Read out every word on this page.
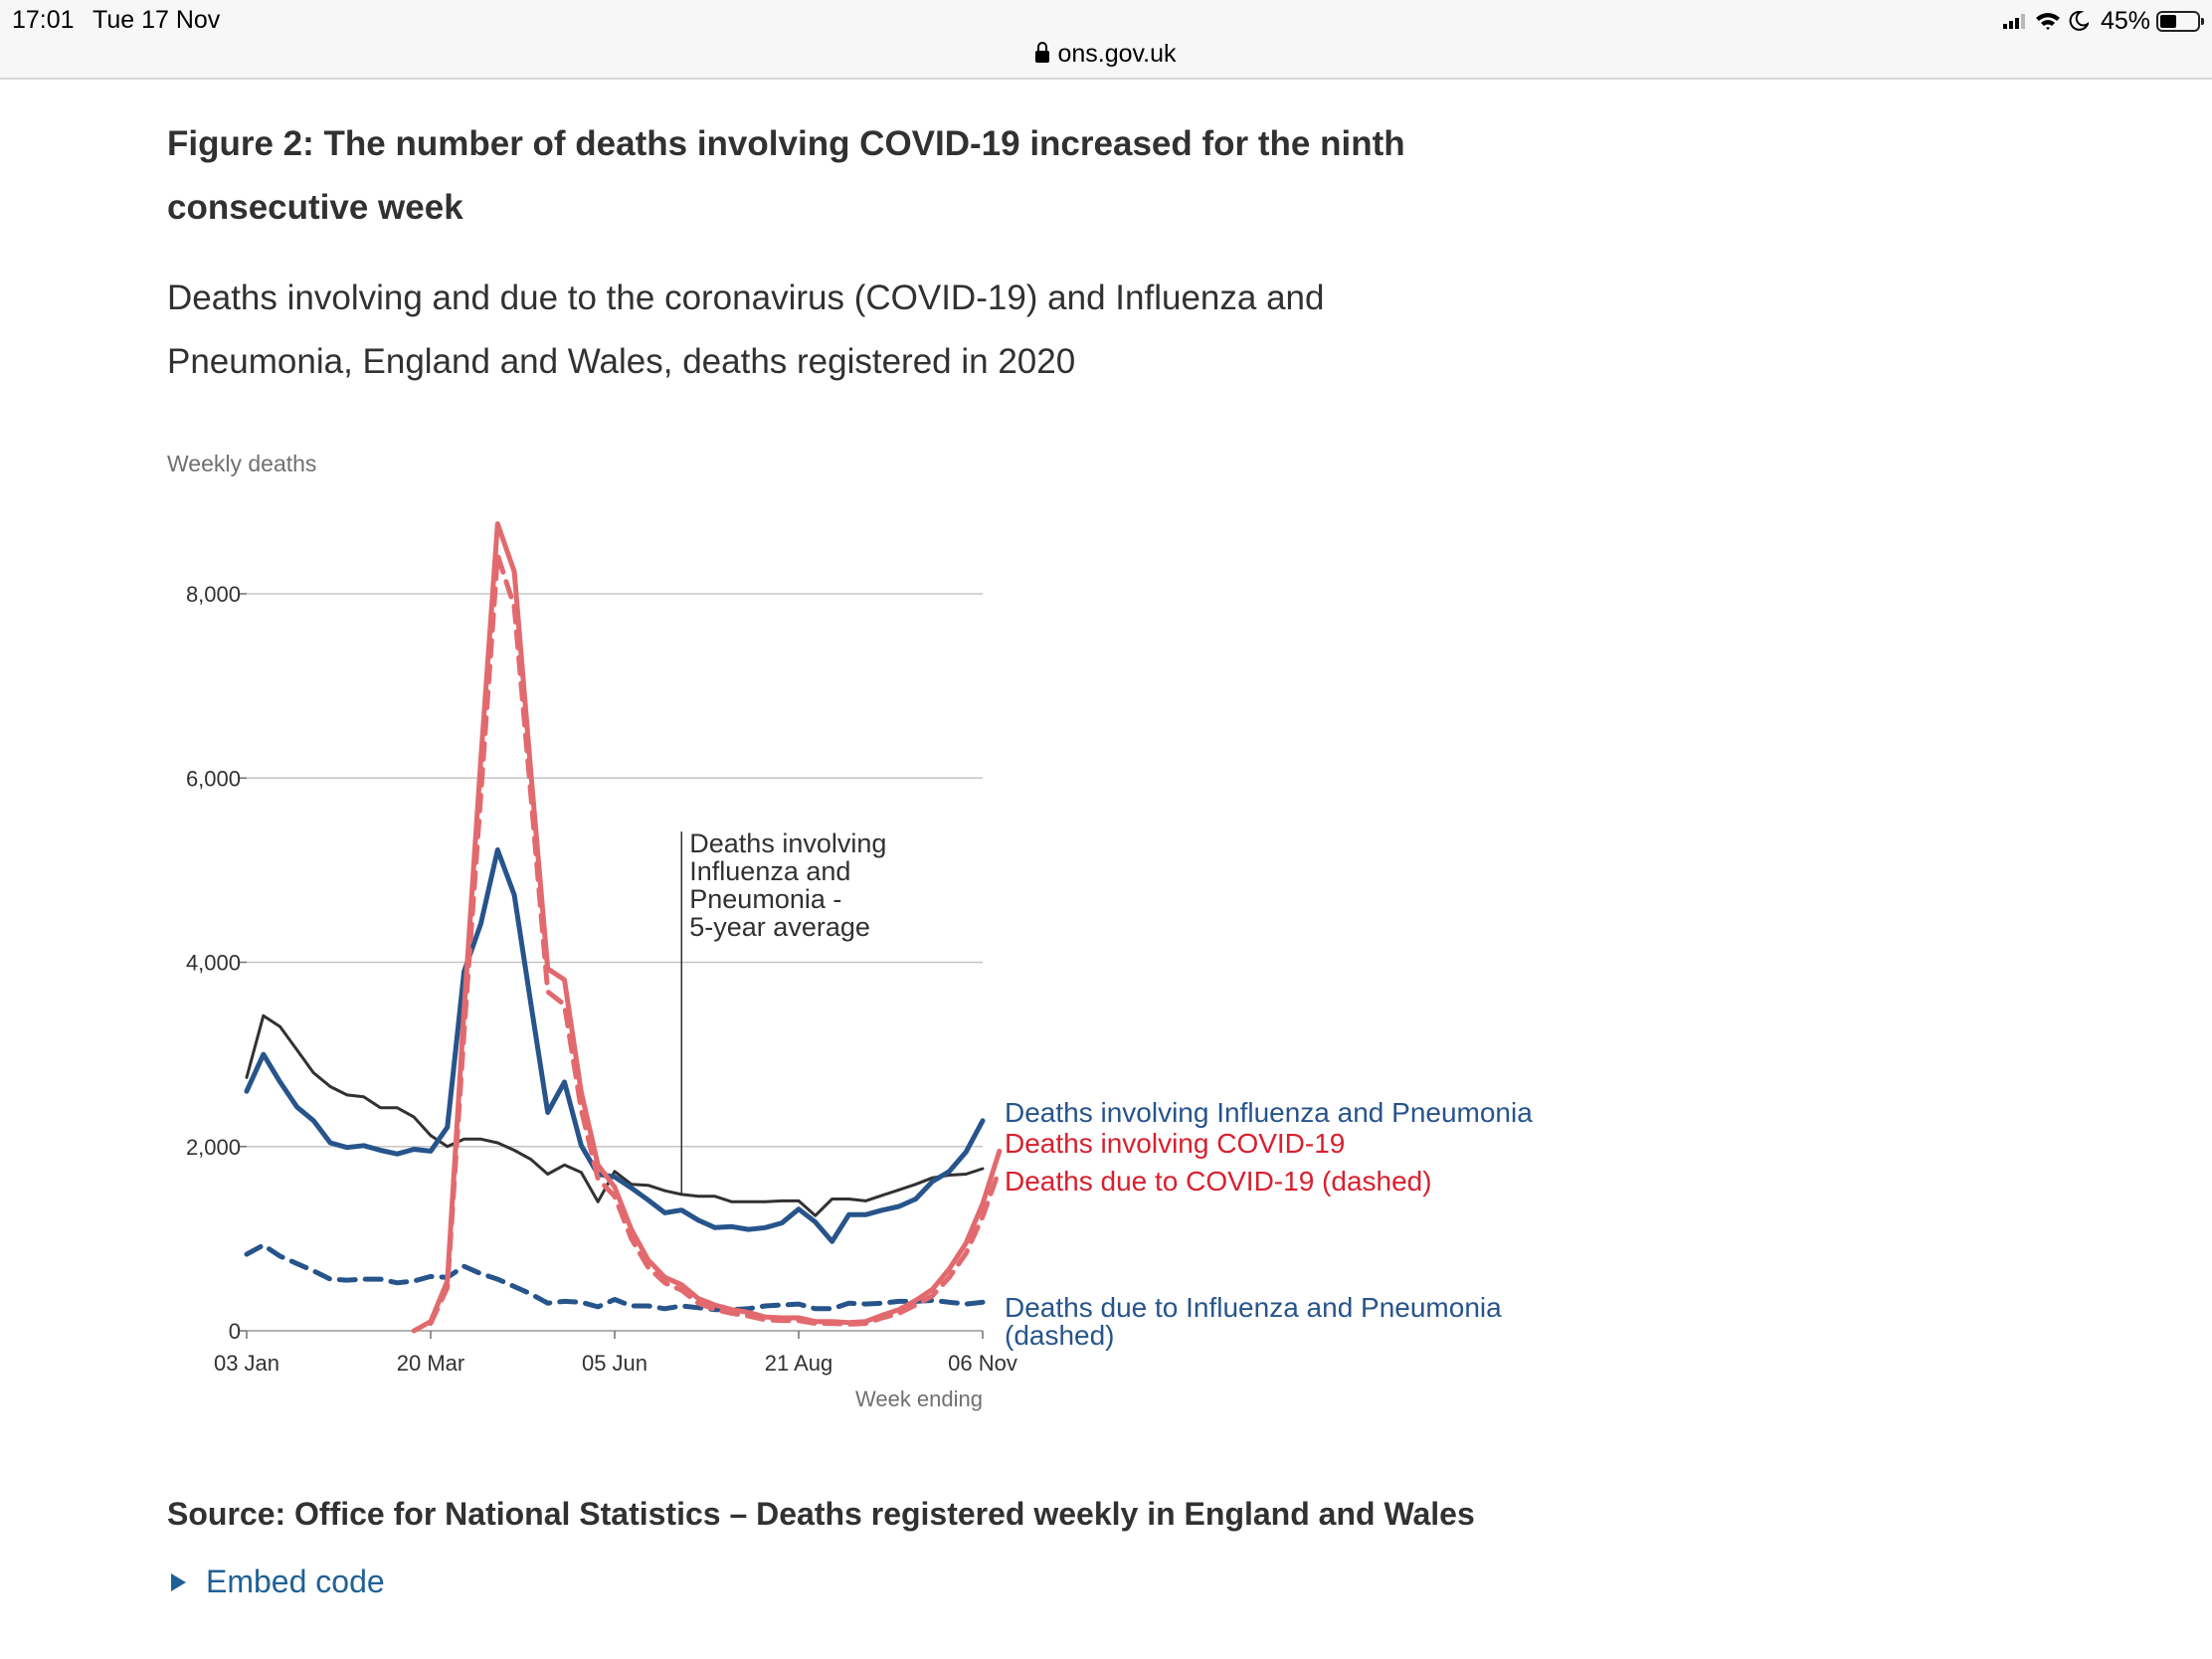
17:01 Tue 17 Nov
ons.gov.uk
45%
Figure 2: The number of deaths involving COVID-19 increased for the ninth consecutive week

Deaths involving and due to the coronavirus (COVID-19) and Influenza and Pneumonia, England and Wales, deaths registered in 2020

Weekly deaths
0
2,000
4,000
6,000
8,000
03 Jan	20 Mar	05 Jun	21 Aug	06 Nov
Week ending
Deaths involving
Influenza and
Pneumonia -
5-year average
Deaths involving Influenza and Pneumonia
Deaths involving COVID-19
Deaths due to COVID-19 (dashed)
Deaths due to Influenza and Pneumonia
(dashed)

Source: Office for National Statistics – Deaths registered weekly in England and Wales

Embed code
